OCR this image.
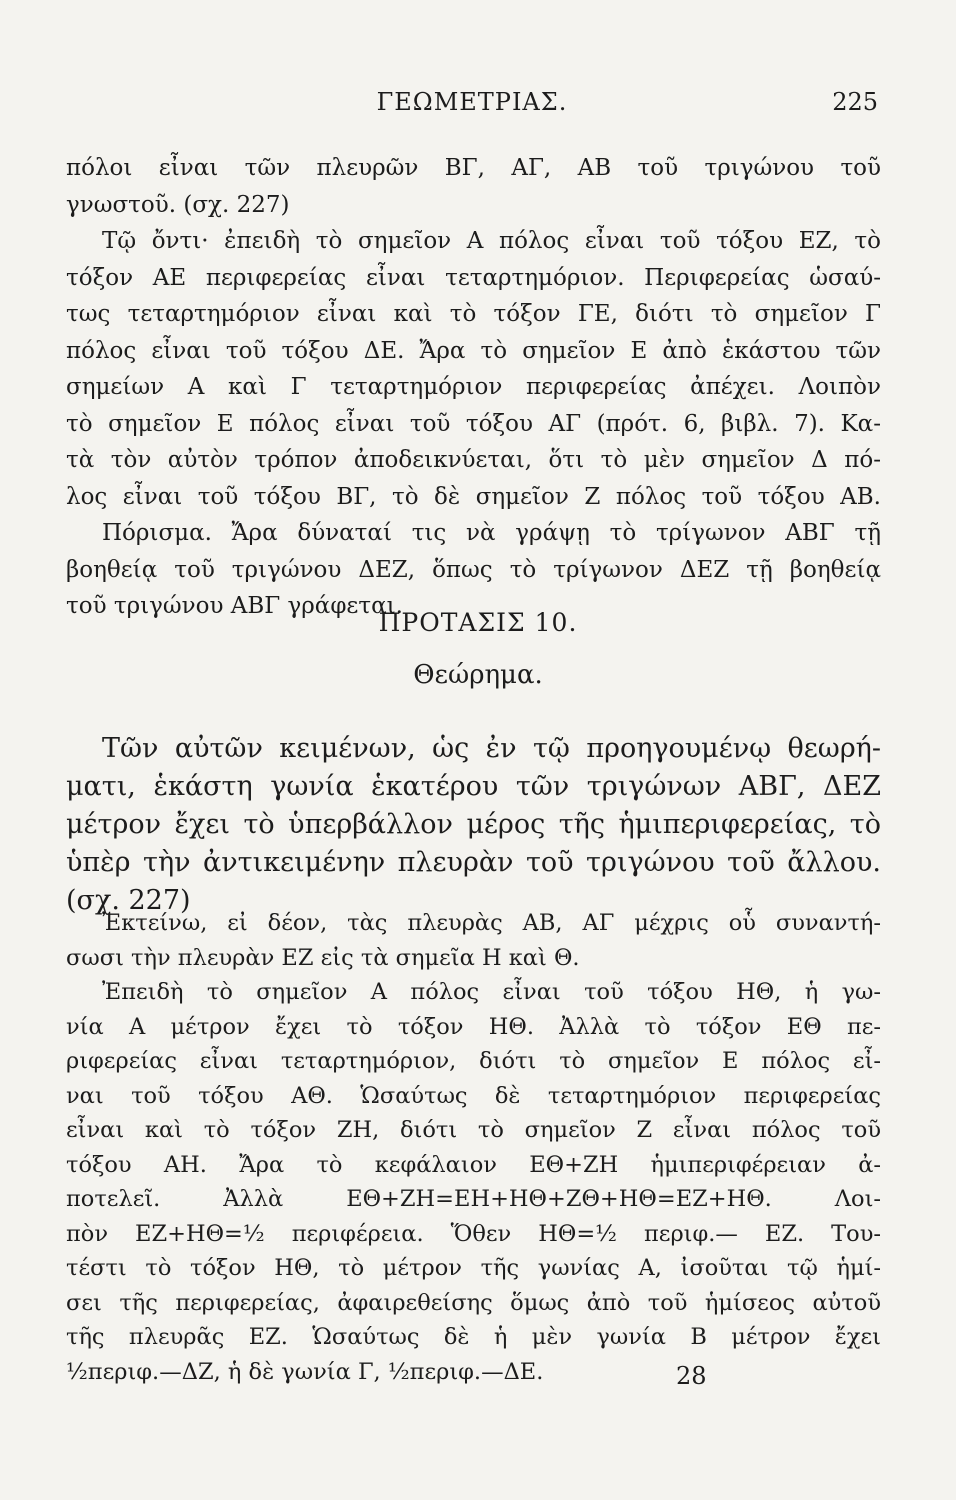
ΓΕΩΜΕΤΡΙΑΣ.	225
πόλοι εἶναι τῶν πλευρῶν ΒΓ, ΑΓ, ΑΒ τοῦ τριγώνου τοῦ
γνωστοῦ. (σχ. 227)
Τῷ ὄντι· ἐπειδὴ τὸ σημεῖον Α πόλος εἶναι τοῦ τόξου ΕΖ, τὸ
τόξον ΑΕ περιφερείας εἶναι τεταρτημόριον. Περιφερείας ὡσαύ-
τως τεταρτημόριον εἶναι καὶ τὸ τόξον ΓΕ, διότι τὸ σημεῖον Γ
πόλος εἶναι τοῦ τόξου ΔΕ. Ἄρα τὸ σημεῖον Ε ἀπὸ ἑκάστου τῶν
σημείων Α καὶ Γ τεταρτημόριον περιφερείας ἀπέχει. Λοιπὸν
τὸ σημεῖον Ε πόλος εἶναι τοῦ τόξου ΑΓ (πρότ. 6, βιβλ. 7). Κα-
τὰ τὸν αὐτὸν τρόπον ἀποδεικνύεται, ὅτι τὸ μὲν σημεῖον Δ πό-
λος εἶναι τοῦ τόξου ΒΓ, τὸ δὲ σημεῖον Ζ πόλος τοῦ τόξου ΑΒ.
Πόρισμα. Ἄρα δύναταί τις νὰ γράψῃ τὸ τρίγωνον ΑΒΓ τῇ
βοηθείᾳ τοῦ τριγώνου ΔΕΖ, ὅπως τὸ τρίγωνον ΔΕΖ τῇ βοηθείᾳ
τοῦ τριγώνου ΑΒΓ γράφεται.
ΠΡΟΤΑΣΙΣ 10.
Θεώρημα.
Τῶν αὐτῶν κειμένων, ὡς ἐν τῷ προηγουμένῳ θεωρή-
ματι, ἑκάστη γωνία ἑκατέρου τῶν τριγώνων ΑΒΓ, ΔΕΖ
μέτρον ἔχει τὸ ὑπερβάλλον μέρος τῆς ἡμιπεριφερείας, τὸ
ὑπὲρ τὴν ἀντικειμένην πλευρὰν τοῦ τριγώνου τοῦ ἄλλου.
(σχ. 227)
Ἐκτείνω, εἰ δέον, τὰς πλευρὰς ΑΒ, ΑΓ μέχρις οὗ συναντή-
σωσι τὴν πλευρὰν ΕΖ εἰς τὰ σημεῖα Η καὶ Θ.
Ἐπειδὴ τὸ σημεῖον Α πόλος εἶναι τοῦ τόξου ΗΘ, ἡ γω-
νία Α μέτρον ἔχει τὸ τόξον ΗΘ. Ἀλλὰ τὸ τόξον ΕΘ πε-
ριφερείας εἶναι τεταρτημόριον, διότι τὸ σημεῖον Ε πόλος εἶ-
ναι τοῦ τόξου ΑΘ. Ὡσαύτως δὲ τεταρτημόριον περιφερείας
εἶναι καὶ τὸ τόξον ΖΗ, διότι τὸ σημεῖον Ζ εἶναι πόλος τοῦ
τόξου ΑΗ. Ἄρα τὸ κεφάλαιον ΕΘ+ΖΗ ἡμιπεριφέρειαν ἀ-
ποτελεῖ. Ἀλλὰ ΕΘ+ΖΗ=ΕΗ+ΗΘ+ΖΘ+ΗΘ=ΕΖ+ΗΘ. Λοι-
πὸν ΕΖ+ΗΘ=½ περιφέρεια. Ὅθεν ΗΘ=½ περιφ.— ΕΖ. Του-
τέστι τὸ τόξον ΗΘ, τὸ μέτρον τῆς γωνίας Α, ἰσοῦται τῷ ἡμί-
σει τῆς περιφερείας, ἀφαιρεθείσης ὅμως ἀπὸ τοῦ ἡμίσεος αὐτοῦ
τῆς πλευρᾶς ΕΖ. Ὡσαύτως δὲ ἡ μὲν γωνία Β μέτρον ἔχει
½περιφ.—ΔΖ, ἡ δὲ γωνία Γ, ½περιφ.—ΔΕ.	28
